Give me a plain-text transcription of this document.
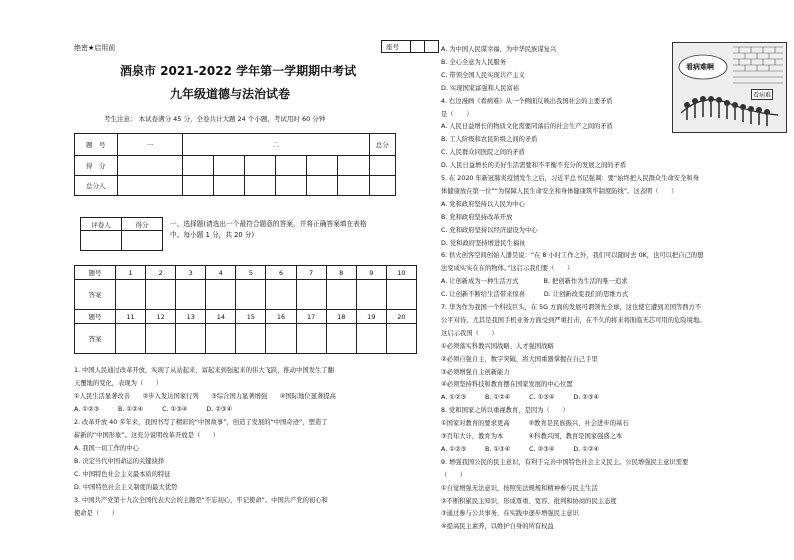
绝密★启用前	座号
酒泉市 2021-2022 学年第一学期期中考试
九年级道德与法治试卷
考生注意： 本试卷满分 45 分，全卷共计大题 24 个小题，考试用时 60 分钟
题　号	一	二						总分
得　分								
总分人								
评卷人	得分
		一、选择题(请选出一个最符合题意的答案，并将正确答案填在表格
中。每小题 1 分，共 20 分)
题号	1	2	3	4	5	6	7	8	9	10
答案										
题号	11	12	13	14	15	16	17	18	19	20
答案										
1. 中国人民通过改革开放，实现了从站起来、富起来到强起来的伟大飞跃，推动中国发生了翻
天覆地的变化，表现为（　　）
①人民生活显著改善　　②步入发达国家行列　　③综合国力显著增强　　④国际地位显著提高
A. ①②③　　　B. ①②④　　　C. ①③④　　　D. ②③④
2. 改革开放 40 多年来，我国书写了精彩的“中国故事”，创造了发展的“中国奇迹”，塑造了
崭新的“中国形象”。这充分说明改革开放是（　　）
A. 我国一切工作的中心
B. 决定当代中国命运的关键抉择
C. 中国特色社会主义最本质的特征
D. 中国特色社会主义制度的最大优势
3. 中国共产党第十九次全国代表大会的主题是“不忘初心，牢记使命”。中国共产党的初心和
使命是（　　）
A. 为中国人民谋幸福，为中华民族谋复兴
B. 全心全意为人民服务
C. 带领全国人民实现共产主义
D. 实现国家富强和人民富裕
4. 右边漫画《看病难》从一个侧面反映出我国社会的主要矛盾
是（　　）
A. 人民日益增长的物质文化需要同落后的社会生产之间的矛盾
B. 工人阶级和农民阶级之间的矛盾
C. 人民群众同医院之间的矛盾
D. 人民日益增长的美好生活需要和不平衡不充分的发展之间的矛盾
5. 在 2020 年新冠肺炎疫情发生之后，习近平总书记强调：要“始终把人民群众生命安全和身
体健康放在第一位”“为保障人民生命安全和身体健康筑牢制度防线”。这表明（　　）
A. 党和政府坚持以人民为中心
B. 党和政府坚持改革开放
C. 党和政府坚持以经济建设为中心
D. 党和政府坚持增进民生福祉
6. 供火创客空间创始人潘昊说：“在 8 小时工作之外，我们可以随时去 0K，也可以把自己的想
法变成实实在在的物体。”这启示我们要（　　）
A. 让创新成为一种生活方式　　　　B. 把创新作为生活的唯一追求
C. 让创新不断给生活带来惊喜　　　D. 让创新改变我们的思维方式
7. 华为作为我国一个科技巨头，在 5G 方面的发展可谓领先全球，这也使它遭到美国等西方不
公平对待。尤其是我国手机业务方面受到严重打击，在不久的将来将面临无芯可用的危险境地。
这启示我国（　　）
①必须落实科教兴国战略、人才强国战略
②必须自强自主，数字突破，将大国重器掌握在自己手里
③必须增强自主创新能力
④必须坚持科技和教育摆在国家发展的中心位置
A. ①②③　　　B. ①②④　　　C. ①③④　　　D. ②③④
8. 党和国家之所以重视教育，是因为（　　）
①国家对教育的要求更高　　　②教育是民族振兴、社会进步的基石
③百年大计，教育为本　　　　④科教兴国，教育是国家强盛之本
A. ①②③　　　B. ①③④　　　C. ②③④　　　D. ①②④
9. 增强我国公民的民主意识，有利于完善中国特色社会主义民主。公民增强民主意识需要
（　　）
①自觉增强无法意识，按照宪法规规和精神参与民主生活
②不断积累民主知识，形成尊重、宽容、批判和协商的民主态度
③通过参与公共事务，在实践中逐步增强民主意识
④提高民主素养，以维护自身的所有权益
看病难啊
看病难
